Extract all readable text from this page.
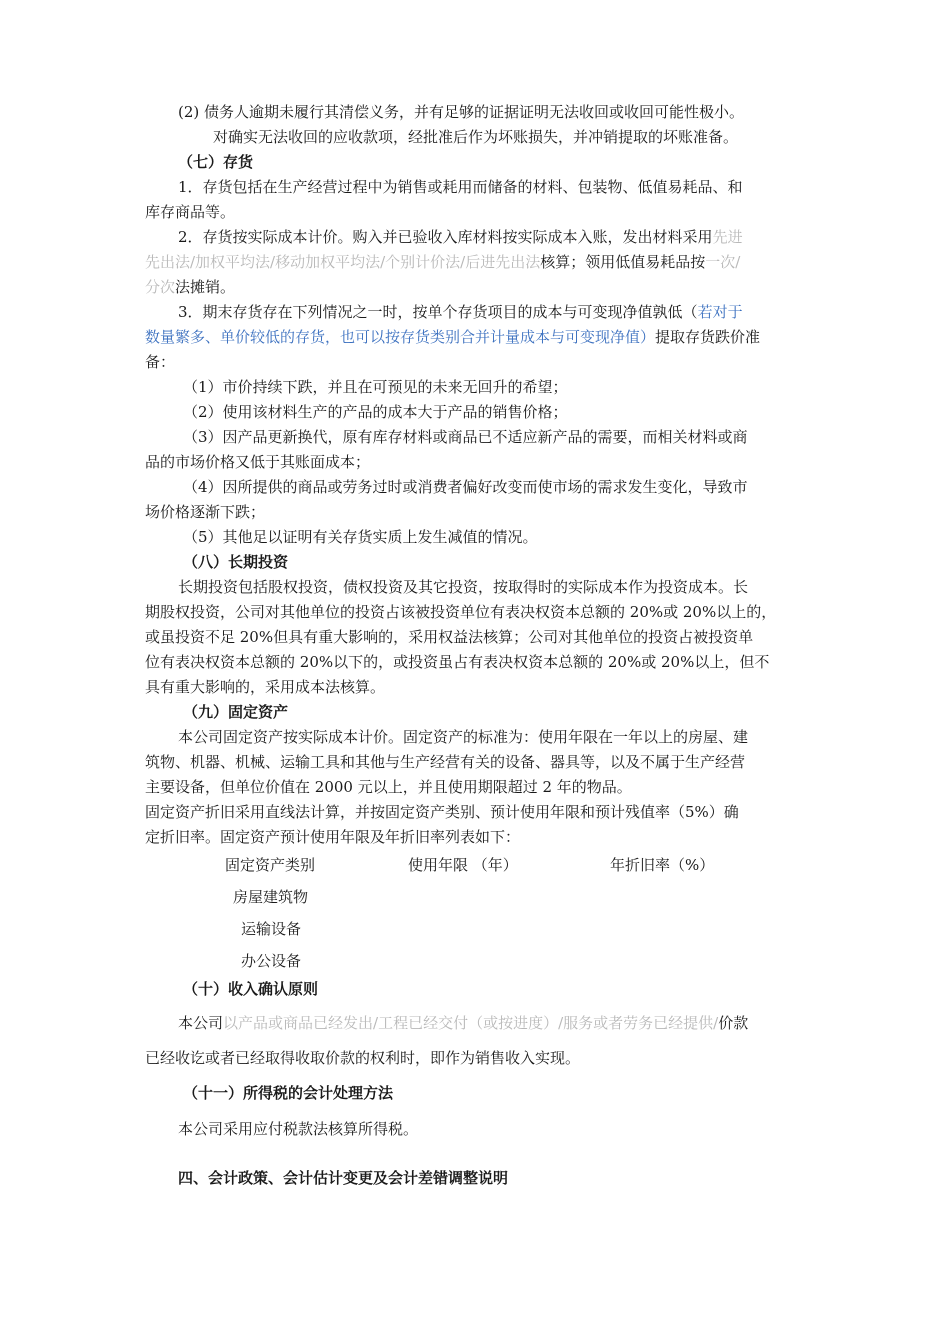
(2) 债务人逾期未履行其清偿义务，并有足够的证据证明无法收回或收回可能性极小。
对确实无法收回的应收款项，经批准后作为坏账损失，并冲销提取的坏账准备。
（七）存货
1．存货包括在生产经营过程中为销售或耗用而储备的材料、包装物、低值易耗品、和
库存商品等。
2．存货按实际成本计价。购入并已验收入库材料按实际成本入账，发出材料采用先进
先出法/加权平均法/移动加权平均法/个别计价法/后进先出法核算；领用低值易耗品按一次/
分次法摊销。
3．期末存货存在下列情况之一时，按单个存货项目的成本与可变现净值孰低（若对于
数量繁多、单价较低的存货，也可以按存货类别合并计量成本与可变现净值）提取存货跌价准
备：
（1）市价持续下跌，并且在可预见的未来无回升的希望；
（2）使用该材料生产的产品的成本大于产品的销售价格；
（3）因产品更新换代，原有库存材料或商品已不适应新产品的需要，而相关材料或商
品的市场价格又低于其账面成本；
（4）因所提供的商品或劳务过时或消费者偏好改变而使市场的需求发生变化，导致市
场价格逐渐下跌；
（5）其他足以证明有关存货实质上发生减值的情况。
（八）长期投资
长期投资包括股权投资，债权投资及其它投资，按取得时的实际成本作为投资成本。长
期股权投资，公司对其他单位的投资占该被投资单位有表决权资本总额的 20%或 20%以上的，
或虽投资不足 20%但具有重大影响的，采用权益法核算；公司对其他单位的投资占被投资单
位有表决权资本总额的 20%以下的，或投资虽占有表决权资本总额的 20%或 20%以上，但不
具有重大影响的，采用成本法核算。
（九）固定资产
本公司固定资产按实际成本计价。固定资产的标准为：使用年限在一年以上的房屋、建
筑物、机器、机械、运输工具和其他与生产经营有关的设备、器具等，以及不属于生产经营
主要设备，但单位价值在 2000 元以上，并且使用期限超过 2 年的物品。
固定资产折旧采用直线法计算，并按固定资产类别、预计使用年限和预计残值率（5%）确
定折旧率。固定资产预计使用年限及年折旧率列表如下：
固定资产类别	使用年限 （年）	年折旧率（%）
房屋建筑物
运输设备
办公设备
（十）收入确认原则
本公司以产品或商品已经发出/工程已经交付（或按进度）/服务或者劳务已经提供/价款
已经收讫或者已经取得收取价款的权利时，即作为销售收入实现。
（十一）所得税的会计处理方法
本公司采用应付税款法核算所得税。
四、会计政策、会计估计变更及会计差错调整说明
